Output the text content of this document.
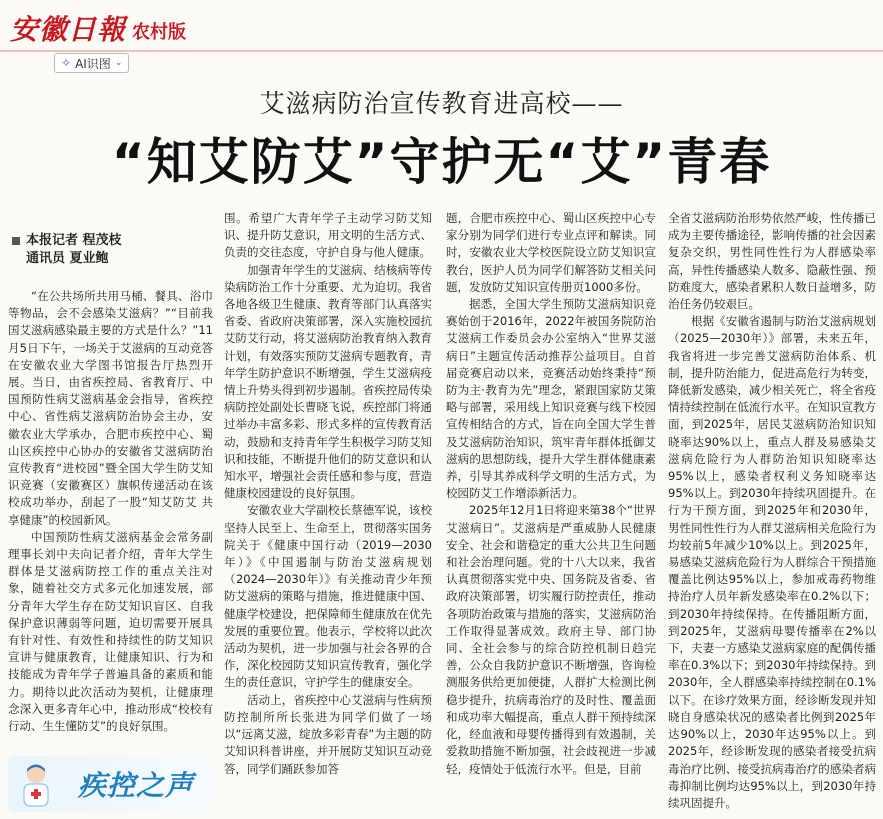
安徽日報 农村版
✧ AI识图 ⌄
艾滋病防治宣传教育进高校——
“知艾防艾”守护无“艾”青春
本报记者 程茂枝
通讯员 夏业鲍

“在公共场所共用马桶、餐具、浴巾等物品，会不会感染艾滋病？”“目前我国艾滋病感染最主要的方式是什么？”11月5日下午，一场关于艾滋病的互动竞答在安徽农业大学图书馆报告厅热烈开展。当日，由省疾控局、省教育厅、中国预防性病艾滋病基金会指导，省疾控中心、省性病艾滋病防治协会主办，安徽农业大学承办，合肥市疾控中心、蜀山区疾控中心协办的安徽省艾滋病防治宣传教育“进校园”暨全国大学生防艾知识竞赛（安徽赛区）旗帜传递活动在该校成功举办，刮起了一股“知艾防艾 共享健康”的校园新风。

中国预防性病艾滋病基金会常务副理事长刘中夫向记者介绍，青年大学生群体是艾滋病防控工作的重点关注对象，随着社交方式多元化加速发展，部分青年大学生存在防艾知识盲区、自我保护意识薄弱等问题，迫切需要开展具有针对性、有效性和持续性的防艾知识宣讲与健康教育，让健康知识、行为和技能成为青年学子普遍具备的素质和能力。期待以此次活动为契机，让健康理念深入更多青年心中，推动形成“校校有行动、生生懂防艾”的良好氛围。

围。希望广大青年学子主动学习防艾知识、提升防艾意识，用文明的生活方式、负责的交往态度，守护自身与他人健康。

加强青年学生的艾滋病、结核病等传染病防治工作十分重要、尤为迫切。我省各地各级卫生健康、教育等部门认真落实省委、省政府决策部署，深入实施校园抗艾防艾行动，将艾滋病防治教育纳入教育计划，有效落实预防艾滋病专题教育，青年学生防护意识不断增强，学生艾滋病疫情上升势头得到初步遏制。省疾控局传染病防控处副处长曹晓飞说，疾控部门将通过举办丰富多彩、形式多样的宣传教育活动，鼓励和支持青年学生积极学习防艾知识和技能，不断提升他们的防艾意识和认知水平，增强社会责任感和参与度，营造健康校园建设的良好氛围。

安徽农业大学副校长蔡德军说，该校坚持人民至上、生命至上，贯彻落实国务院关于《健康中国行动（2019—2030年）》《中国遏制与防治艾滋病规划（2024—2030年）》有关推动青少年预防艾滋病的策略与措施，推进健康中国、健康学校建设，把保障师生健康放在优先发展的重要位置。他表示，学校将以此次活动为契机，进一步加强与社会各界的合作，深化校园防艾知识宣传教育，强化学生的责任意识，守护学生的健康安全。

活动上，省疾控中心艾滋病与性病预防控制所所长张进为同学们做了一场以“远离艾滋，绽放多彩青春”为主题的防艾知识科普讲座，并开展防艾知识互动竞答，同学们踊跃参加答

题，合肥市疾控中心、蜀山区疾控中心专家分别为同学们进行专业点评和解读。同时，安徽农业大学校医院设立防艾知识宣教台，医护人员为同学们解答防艾相关问题，发放防艾知识宣传册页1000多份。

据悉，全国大学生预防艾滋病知识竞赛始创于2016年，2022年被国务院防治艾滋病工作委员会办公室纳入“世界艾滋病日”主题宣传活动推荐公益项目。自首届竞赛启动以来，竞赛活动始终秉持“预防为主·教育为先”理念，紧跟国家防艾策略与部署，采用线上知识竞赛与线下校园宣传相结合的方式，旨在向全国大学生普及艾滋病防治知识，筑牢青年群体抵御艾滋病的思想防线，提升大学生群体健康素养，引导其养成科学文明的生活方式，为校园防艾工作增添新活力。

2025年12月1日将迎来第38个“世界艾滋病日”。艾滋病是严重威胁人民健康安全、社会和谐稳定的重大公共卫生问题和社会治理问题。党的十八大以来，我省认真贯彻落实党中央、国务院及省委、省政府决策部署，切实履行防控责任，推动各项防治政策与措施的落实，艾滋病防治工作取得显著成效。政府主导、部门协同、全社会参与的综合防控机制日趋完善，公众自我防护意识不断增强，咨询检测服务供给更加便捷，人群扩大检测比例稳步提升，抗病毒治疗的及时性、覆盖面和成功率大幅提高，重点人群干预持续深化，经血液和母婴传播得到有效遏制，关爱救助措施不断加强，社会歧视进一步减轻，疫情处于低流行水平。但是，目前

全省艾滋病防治形势依然严峻，性传播已成为主要传播途径，影响传播的社会因素复杂交织，男性同性性行为人群感染率高，异性传播感染人数多、隐蔽性强、预防难度大，感染者累积人数日益增多，防治任务仍较艰巨。

根据《安徽省遏制与防治艾滋病规划（2025—2030年）》部署，未来五年，我省将进一步完善艾滋病防治体系、机制，提升防治能力，促进高危行为转变，降低新发感染，减少相关死亡，将全省疫情持续控制在低流行水平。在知识宣教方面，到2025年，居民艾滋病防治知识知晓率达90%以上，重点人群及易感染艾滋病危险行为人群防治知识知晓率达95%以上，感染者权利义务知晓率达95%以上。到2030年持续巩固提升。在行为干预方面，到2025年和2030年，男性同性性行为人群艾滋病相关危险行为均较前5年减少10%以上。到2025年，易感染艾滋病危险行为人群综合干预措施覆盖比例达95%以上，参加戒毒药物维持治疗人员年新发感染率在0.2%以下；到2030年持续保持。在传播阻断方面，到2025年，艾滋病母婴传播率在2%以下，夫妻一方感染艾滋病家庭的配偶传播率在0.3%以下；到2030年持续保持。到2030年，全人群感染率持续控制在0.1%以下。在诊疗效果方面，经诊断发现并知晓自身感染状况的感染者比例到2025年达90%以上，2030年达95%以上。到2025年，经诊断发现的感染者接受抗病毒治疗比例、接受抗病毒治疗的感染者病毒抑制比例均达95%以上，到2030年持续巩固提升。

疾控之声
